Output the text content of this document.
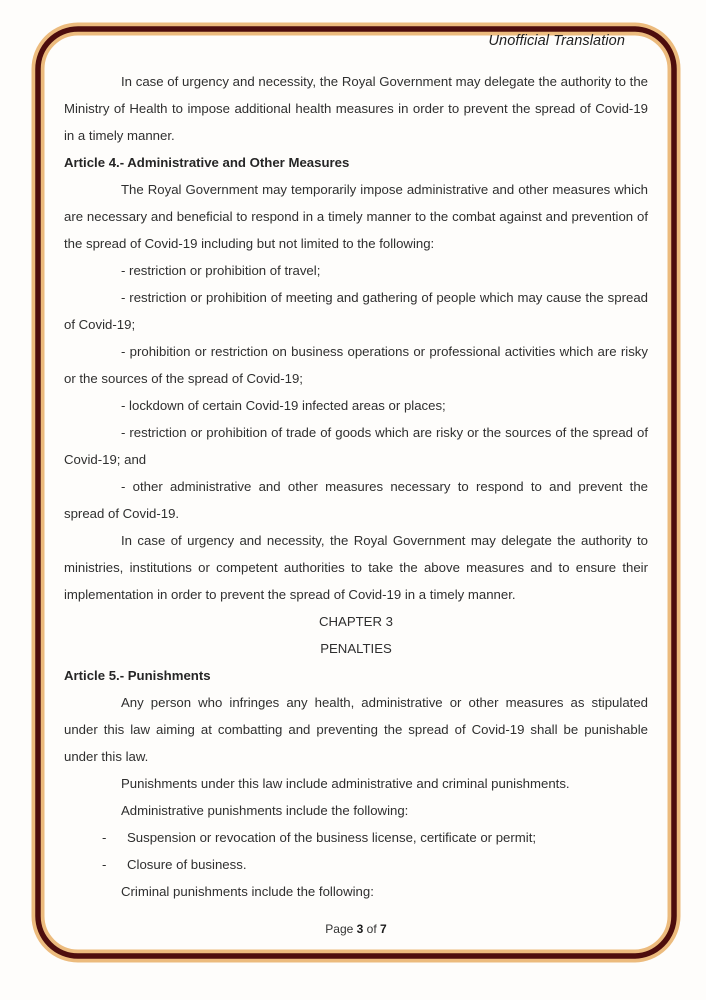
Unofficial Translation

In case of urgency and necessity, the Royal Government may delegate the authority to the Ministry of Health to impose additional health measures in order to prevent the spread of Covid-19 in a timely manner.

Article 4.- Administrative and Other Measures

The Royal Government may temporarily impose administrative and other measures which are necessary and beneficial to respond in a timely manner to the combat against and prevention of the spread of Covid-19 including but not limited to the following:

- restriction or prohibition of travel;

- restriction or prohibition of meeting and gathering of people which may cause the spread of Covid-19;

- prohibition or restriction on business operations or professional activities which are risky or the sources of the spread of Covid-19;

- lockdown of certain Covid-19 infected areas or places;

- restriction or prohibition of trade of goods which are risky or the sources of the spread of Covid-19; and

- other administrative and other measures necessary to respond to and prevent the spread of Covid-19.

In case of urgency and necessity, the Royal Government may delegate the authority to ministries, institutions or competent authorities to take the above measures and to ensure their implementation in order to prevent the spread of Covid-19 in a timely manner.

CHAPTER 3

PENALTIES

Article 5.- Punishments

Any person who infringes any health, administrative or other measures as stipulated under this law aiming at combatting and preventing the spread of Covid-19 shall be punishable under this law.

Punishments under this law include administrative and criminal punishments.

Administrative punishments include the following:

- Suspension or revocation of the business license, certificate or permit;

- Closure of business.

Criminal punishments include the following:

Page 3 of 7
